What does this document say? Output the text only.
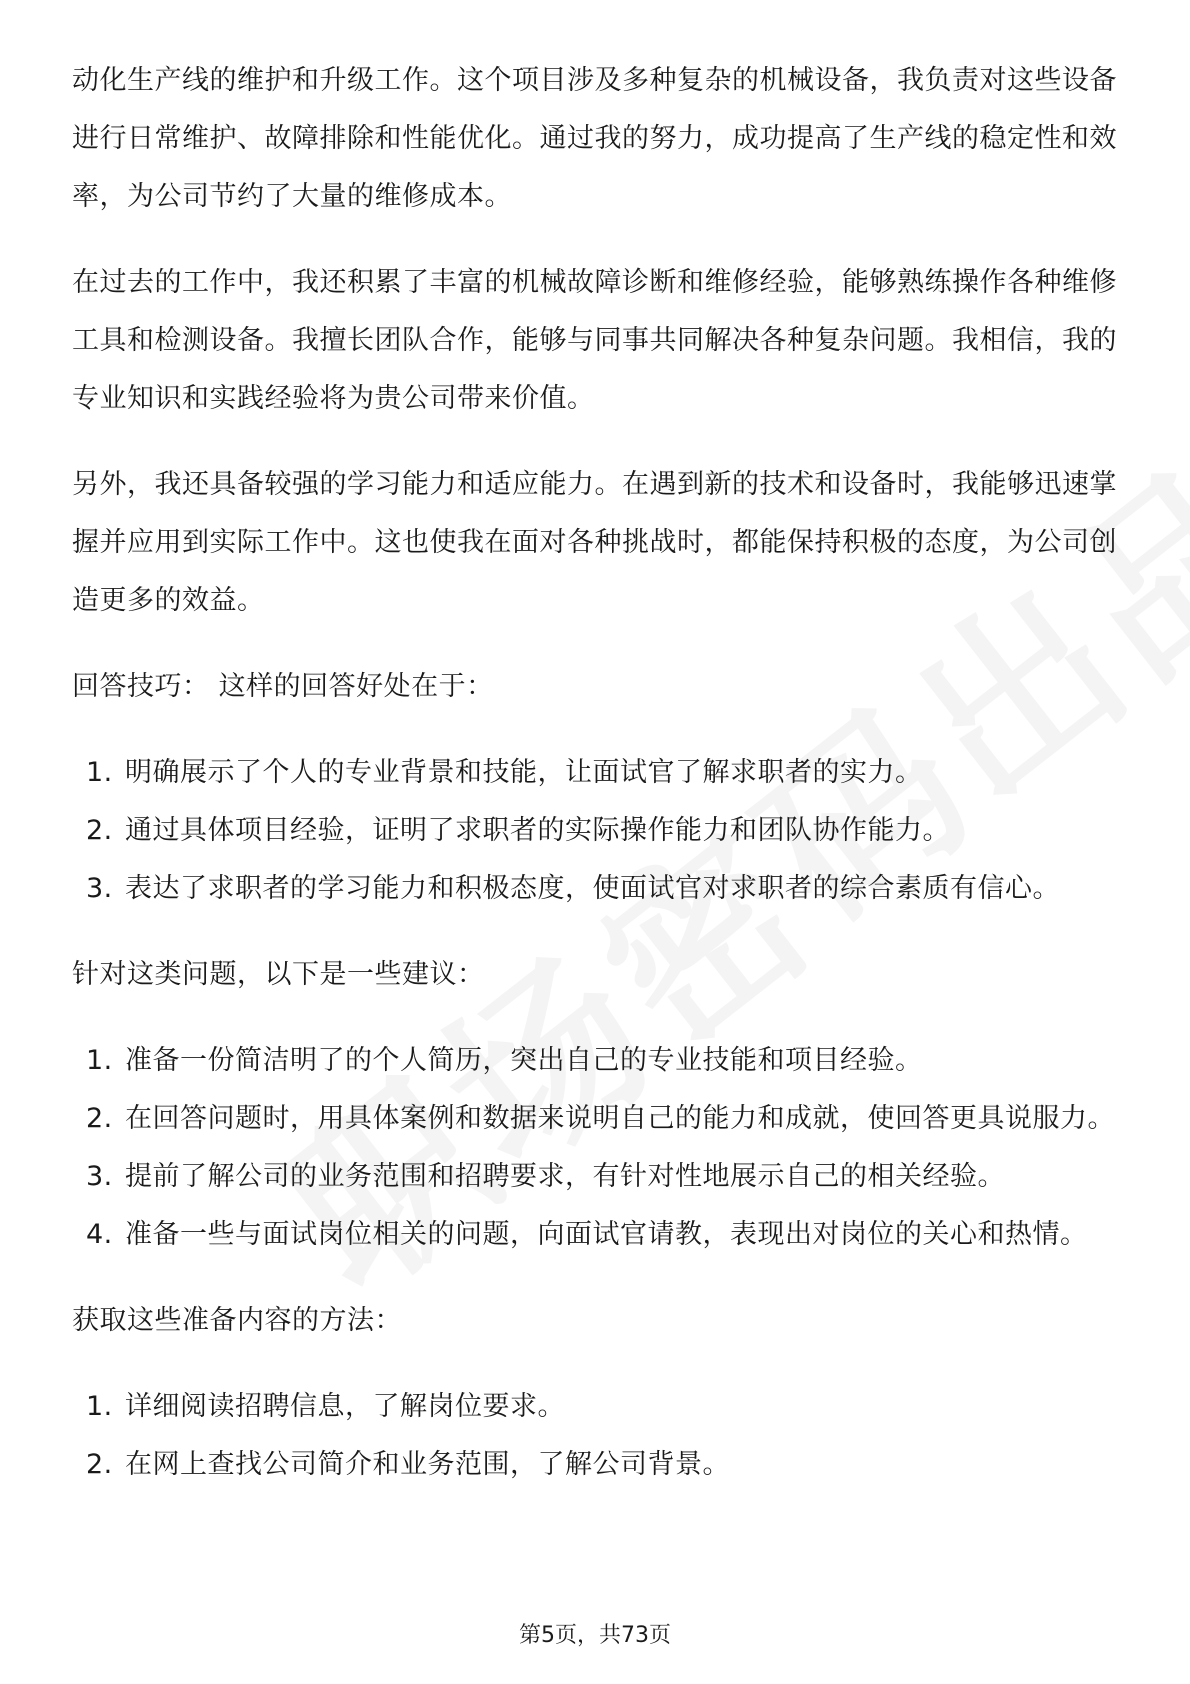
动化生产线的维护和升级工作。这个项目涉及多种复杂的机械设备，我负责对这些设备进行日常维护、故障排除和性能优化。通过我的努力，成功提高了生产线的稳定性和效率，为公司节约了大量的维修成本。

在过去的工作中，我还积累了丰富的机械故障诊断和维修经验，能够熟练操作各种维修工具和检测设备。我擅长团队合作，能够与同事共同解决各种复杂问题。我相信，我的专业知识和实践经验将为贵公司带来价值。

另外，我还具备较强的学习能力和适应能力。在遇到新的技术和设备时，我能够迅速掌握并应用到实际工作中。这也使我在面对各种挑战时，都能保持积极的态度，为公司创造更多的效益。

回答技巧： 这样的回答好处在于：

1. 明确展示了个人的专业背景和技能，让面试官了解求职者的实力。
2. 通过具体项目经验，证明了求职者的实际操作能力和团队协作能力。
3. 表达了求职者的学习能力和积极态度，使面试官对求职者的综合素质有信心。

针对这类问题，以下是一些建议：

1. 准备一份简洁明了的个人简历，突出自己的专业技能和项目经验。
2. 在回答问题时，用具体案例和数据来说明自己的能力和成就，使回答更具说服力。
3. 提前了解公司的业务范围和招聘要求，有针对性地展示自己的相关经验。
4. 准备一些与面试岗位相关的问题，向面试官请教，表现出对岗位的关心和热情。

获取这些准备内容的方法：

1. 详细阅读招聘信息，了解岗位要求。
2. 在网上查找公司简介和业务范围，了解公司背景。
第5页，共73页
